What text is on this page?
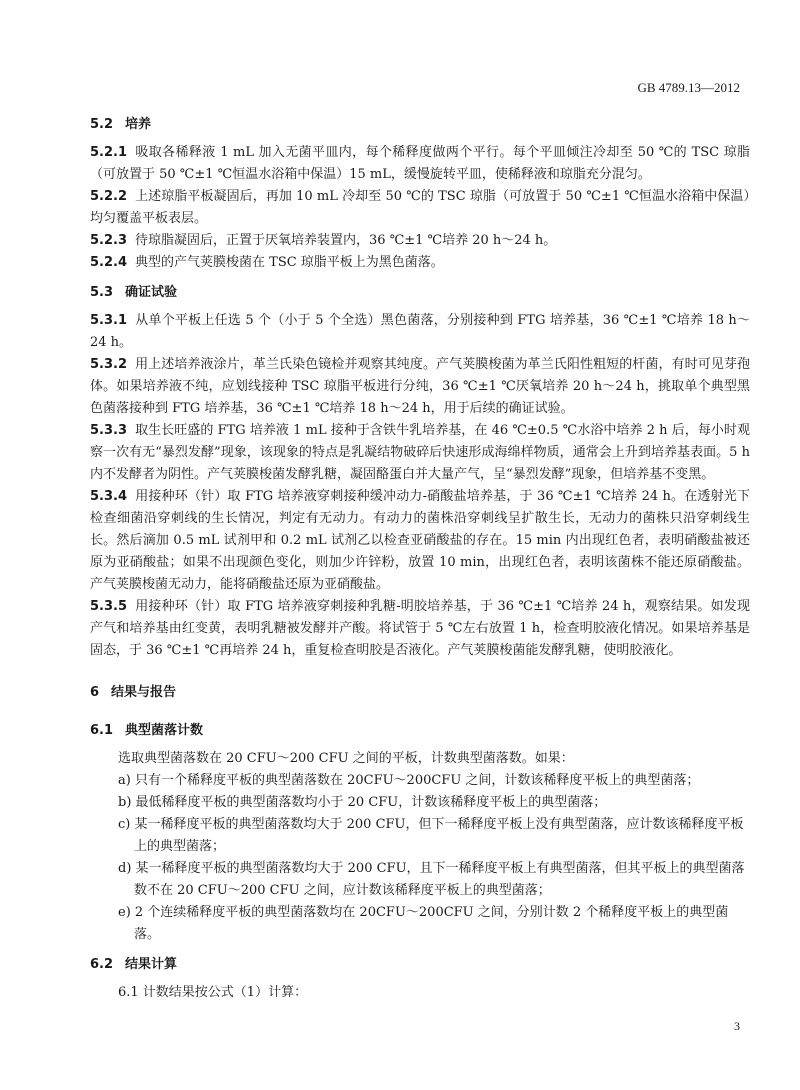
GB 4789.13—2012
5.2 培养
5.2.1 吸取各稀释液 1 mL 加入无菌平皿内，每个稀释度做两个平行。每个平皿倾注冷却至 50 ℃的 TSC 琼脂（可放置于 50 ℃±1 ℃恒温水浴箱中保温）15 mL，缓慢旋转平皿，使稀释液和琼脂充分混匀。
5.2.2 上述琼脂平板凝固后，再加 10 mL 冷却至 50 ℃的 TSC 琼脂（可放置于 50 ℃±1 ℃恒温水浴箱中保温）均匀覆盖平板表层。
5.2.3 待琼脂凝固后，正置于厌氧培养装置内，36 ℃±1 ℃培养 20 h～24 h。
5.2.4 典型的产气荚膜梭菌在 TSC 琼脂平板上为黑色菌落。
5.3 确证试验
5.3.1 从单个平板上任选 5 个（小于 5 个全选）黑色菌落，分别接种到 FTG 培养基，36 ℃±1 ℃培养 18 h～24 h。
5.3.2 用上述培养液涂片，革兰氏染色镜检并观察其纯度。产气荚膜梭菌为革兰氏阳性粗短的杆菌，有时可见芽孢体。如果培养液不纯，应划线接种 TSC 琼脂平板进行分纯，36 ℃±1 ℃厌氧培养 20 h～24 h，挑取单个典型黑色菌落接种到 FTG 培养基，36 ℃±1 ℃培养 18 h～24 h，用于后续的确证试验。
5.3.3 取生长旺盛的 FTG 培养液 1 mL 接种于含铁牛乳培养基，在 46 ℃±0.5 ℃水浴中培养 2 h 后，每小时观察一次有无“暴烈发酵”现象，该现象的特点是乳凝结物破碎后快速形成海绵样物质，通常会上升到培养基表面。5 h 内不发酵者为阴性。产气荚膜梭菌发酵乳糖，凝固酪蛋白并大量产气，呈“暴烈发酵”现象，但培养基不变黑。
5.3.4 用接种环（针）取 FTG 培养液穿刺接种缓冲动力-硝酸盐培养基，于 36 ℃±1 ℃培养 24 h。在透射光下检查细菌沿穿刺线的生长情况，判定有无动力。有动力的菌株沿穿刺线呈扩散生长，无动力的菌株只沿穿刺线生长。然后滴加 0.5 mL 试剂甲和 0.2 mL 试剂乙以检查亚硝酸盐的存在。15 min 内出现红色者，表明硝酸盐被还原为亚硝酸盐；如果不出现颜色变化，则加少许锌粉，放置 10 min，出现红色者，表明该菌株不能还原硝酸盐。产气荚膜梭菌无动力，能将硝酸盐还原为亚硝酸盐。
5.3.5 用接种环（针）取 FTG 培养液穿刺接种乳糖-明胶培养基，于 36 ℃±1 ℃培养 24 h，观察结果。如发现产气和培养基由红变黄，表明乳糖被发酵并产酸。将试管于 5 ℃左右放置 1 h，检查明胶液化情况。如果培养基是固态，于 36 ℃±1 ℃再培养 24 h，重复检查明胶是否液化。产气荚膜梭菌能发酵乳糖，使明胶液化。
6 结果与报告
6.1 典型菌落计数
选取典型菌落数在 20 CFU～200 CFU 之间的平板，计数典型菌落数。如果：
a) 只有一个稀释度平板的典型菌落数在 20CFU～200CFU 之间，计数该稀释度平板上的典型菌落；
b) 最低稀释度平板的典型菌落数均小于 20 CFU，计数该稀释度平板上的典型菌落；
c) 某一稀释度平板的典型菌落数均大于 200 CFU，但下一稀释度平板上没有典型菌落，应计数该稀释度平板上的典型菌落；
d) 某一稀释度平板的典型菌落数均大于 200 CFU，且下一稀释度平板上有典型菌落，但其平板上的典型菌落数不在 20 CFU～200 CFU 之间，应计数该稀释度平板上的典型菌落；
e) 2 个连续稀释度平板的典型菌落数均在 20CFU～200CFU 之间，分别计数 2 个稀释度平板上的典型菌落。
6.2 结果计算
6.1 计数结果按公式（1）计算：
3
